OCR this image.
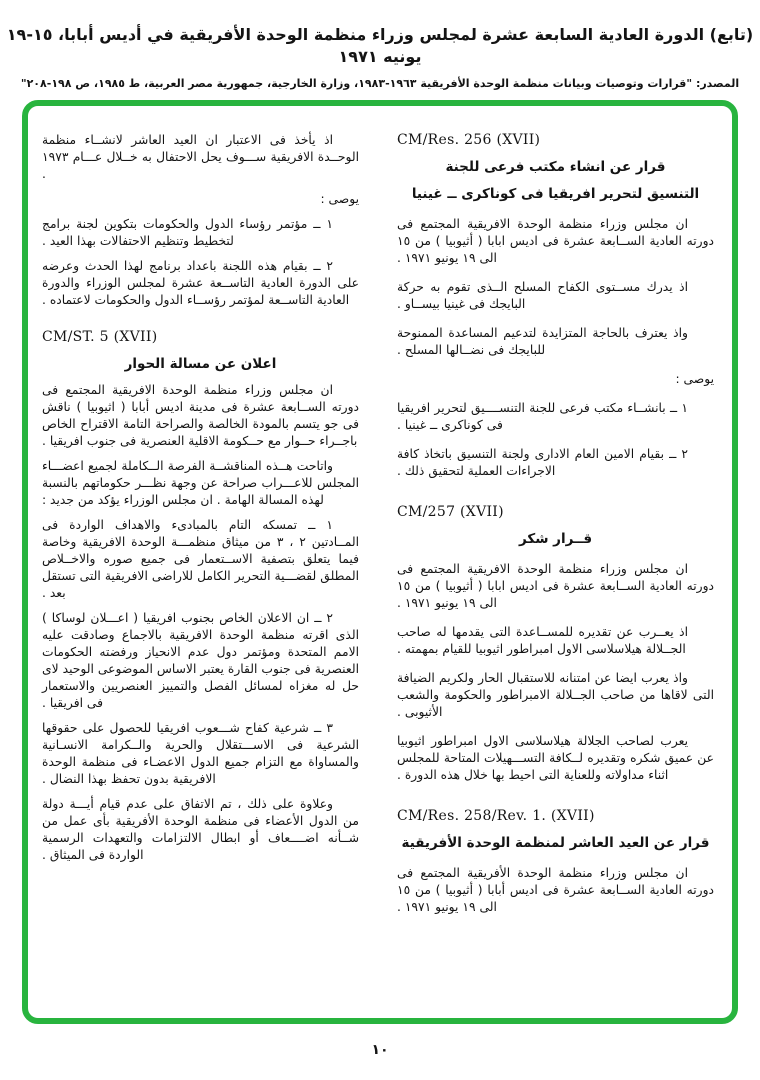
(تابع) الدورة العادية السابعة عشرة لمجلس وزراء منظمة الوحدة الأفريقية في أديس أبابا، ١٥-١٩ يونيه ١٩٧١
المصدر: "قرارات وتوصيات وبيانات منظمة الوحدة الأفريقية ١٩٦٣-١٩٨٣، وزارة الخارجية، جمهورية مصر العربية، ط ١٩٨٥، ص ١٩٨-٢٠٨"
CM/Res. 256 (XVII)
قرار عن انشاء مكتب فرعى للجنة
التنسيق لتحرير افريقيا فى كوناكرى ــ غينيا
ان مجلس وزراء منظمة الوحدة الافريقية المجتمع فى دورته العادية الســابعة عشرة فى اديس ابابا ( أثيوبيا ) من ١٥ الى ١٩ يونيو ١٩٧١ .
اذ يدرك مســتوى الكفاح المسلح الــذى تقوم به حركة البايجك فى غينيا بيســاو .
واذ يعترف بالحاجة المتزايدة لتدعيم المساعدة الممنوحة للبايجك فى نضــالها المسلح .
يوصى :
١ ــ بانشــاء مكتب فرعى للجنة التنســــيق لتحرير افريقيا فى كوناكرى ــ غينيا .
٢ ــ بقيام الامين العام الادارى ولجنة التنسيق باتخاذ كافة الاجراءات العملية لتحقيق ذلك .
CM/257 (XVII)
قــرار شكر
ان مجلس وزراء منظمة الوحدة الافريقية المجتمع فى دورته العادية الســابعة عشرة فى اديس ابابا ( أثيوبيا ) من ١٥ الى ١٩ يونيو ١٩٧١ .
اذ يعــرب عن تقديره للمســاعدة التى يقدمها له صاحب الجــلالة هيلاسلاسى الاول امبراطور اثيوبيا للقيام بمهمته .
واذ يعرب ايضا عن امتنانه للاستقبال الحار ولكريم الضيافة التى لاقاها من صاحب الجــلالة الامبراطور والحكومة والشعب الأثيوبى .
يعرب لصاحب الجلالة هيلاسلاسى الاول امبراطور اثيوبيا عن عميق شكره وتقديره لــكافة التســـهيلات المتاحة للمجلس اثناء مداولاته وللعناية التى احيط بها خلال هذه الدورة .
CM/Res. 258/Rev. 1. (XVII)
قرار عن العيد العاشر لمنظمة الوحدة الأفريقية
ان مجلس وزراء منظمة الوحدة الأفريقية المجتمع فى دورته العادية الســابعة عشرة فى اديس أبابا ( أثيوبيا ) من ١٥ الى ١٩ يونيو ١٩٧١ .
اذ يأخذ فى الاعتبار ان العيد العاشر لانشــاء منظمة الوحــدة الافريقية ســـوف يحل الاحتفال به خــلال عـــام ١٩٧٣ .
يوصى :
١ ــ مؤتمر رؤساء الدول والحكومات بتكوين لجنة برامج لتخطيط وتنظيم الاحتفالات بهذا العيد .
٢ ــ بقيام هذه اللجنة باعداد برنامج لهذا الحدث وعرضه على الدورة العادية التاســعة عشرة لمجلس الوزراء والدورة العادية التاســعة لمؤتمر رؤســاء الدول والحكومات لاعتماده .
CM/ST. 5 (XVII)
اعلان عن مسالة الحوار
ان مجلس وزراء منظمة الوحدة الافريقية المجتمع فى دورته الســابعة عشرة فى مدينة اديس أبابا ( اثيوبيا ) ناقش فى جو يتسم بالمودة الخالصة والصراحة التامة الاقتراح الخاص باجــراء حــوار مع حــكومة الاقلية العنصرية فى جنوب افريقيا .
واتاحت هــذه المناقشــة الفرصة الــكاملة لجميع اعضـــاء المجلس للاعـــراب صراحة عن وجهة نظـــر حكوماتهم بالنسبة لهذه المسالة الهامة . ان مجلس الوزراء يؤكد من جديد :
١ ــ تمسكه التام بالمبادىء والاهداف الواردة فى المــادتين ٢ ، ٣ من ميثاق منظمـــة الوحدة الافريقية وخاصة فيما يتعلق بتصفية الاســتعمار فى جميع صوره والاخــلاص المطلق لقضـــية التحرير الكامل للاراضى الافريقية التى تستقل بعد .
٢ ــ ان الاعلان الخاص بجنوب افريقيا ( اعـــلان لوساكا ) الذى اقرته منظمة الوحدة الافريقية بالاجماع وصادقت عليه الامم المتحدة ومؤتمر دول عدم الانحياز ورفضته الحكومات العنصرية فى جنوب القارة يعتبر الاساس الموضوعى الوحيد لاى حل له مغزاه لمسائل الفصل والتمييز العنصريين والاستعمار فى افريقيا .
٣ ــ شرعية كفاح شـــعوب افريقيا للحصول على حقوقها الشرعية فى الاســـتقلال والحرية والــكرامة الانسـانية والمساواة مع التزام جميع الدول الاعضـاء فى منظمة الوحدة الافريقية بدون تحفظ بهذا النضال .
وعلاوة على ذلك ، تم الاتفاق على عدم قيام أيـــة دولة من الدول الأعضاء فى منظمة الوحدة الأفريقية بأى عمل من شــأنه اضــــعاف أو ابطال الالتزامات والتعهدات الرسمية الواردة فى الميثاق .
١٠
